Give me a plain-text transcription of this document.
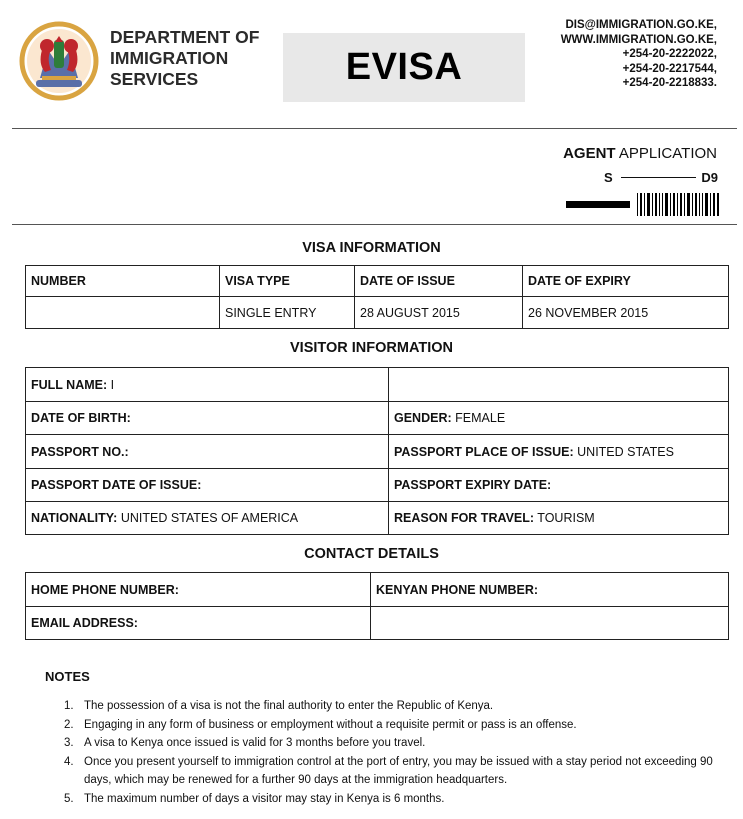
DEPARTMENT OF
IMMIGRATION
SERVICES	EVISA
DIS@IMMIGRATION.GO.KE,
WWW.IMMIGRATION.GO.KE,
+254-20-2222022,
+254-20-2217544,
+254-20-2218833.
AGENT APPLICATION
S	D9
VISA INFORMATION
NUMBER	VISA TYPE	DATE OF ISSUE	DATE OF EXPIRY
	SINGLE ENTRY	28 AUGUST 2015	26 NOVEMBER 2015
VISITOR INFORMATION
FULL NAME: I	
DATE OF BIRTH:	GENDER: FEMALE
PASSPORT NO.:	PASSPORT PLACE OF ISSUE: UNITED STATES
PASSPORT DATE OF ISSUE:	PASSPORT EXPIRY DATE:
NATIONALITY: UNITED STATES OF AMERICA	REASON FOR TRAVEL: TOURISM
CONTACT DETAILS
HOME PHONE NUMBER:	KENYAN PHONE NUMBER:
EMAIL ADDRESS:	
NOTES
1. The possession of a visa is not the final authority to enter the Republic of Kenya.
2. Engaging in any form of business or employment without a requisite permit or pass is an offense.
3. A visa to Kenya once issued is valid for 3 months before you travel.
4. Once you present yourself to immigration control at the port of entry, you may be issued with a stay period not exceeding 90 days, which may be renewed for a further 90 days at the immigration headquarters.
5. The maximum number of days a visitor may stay in Kenya is 6 months.
